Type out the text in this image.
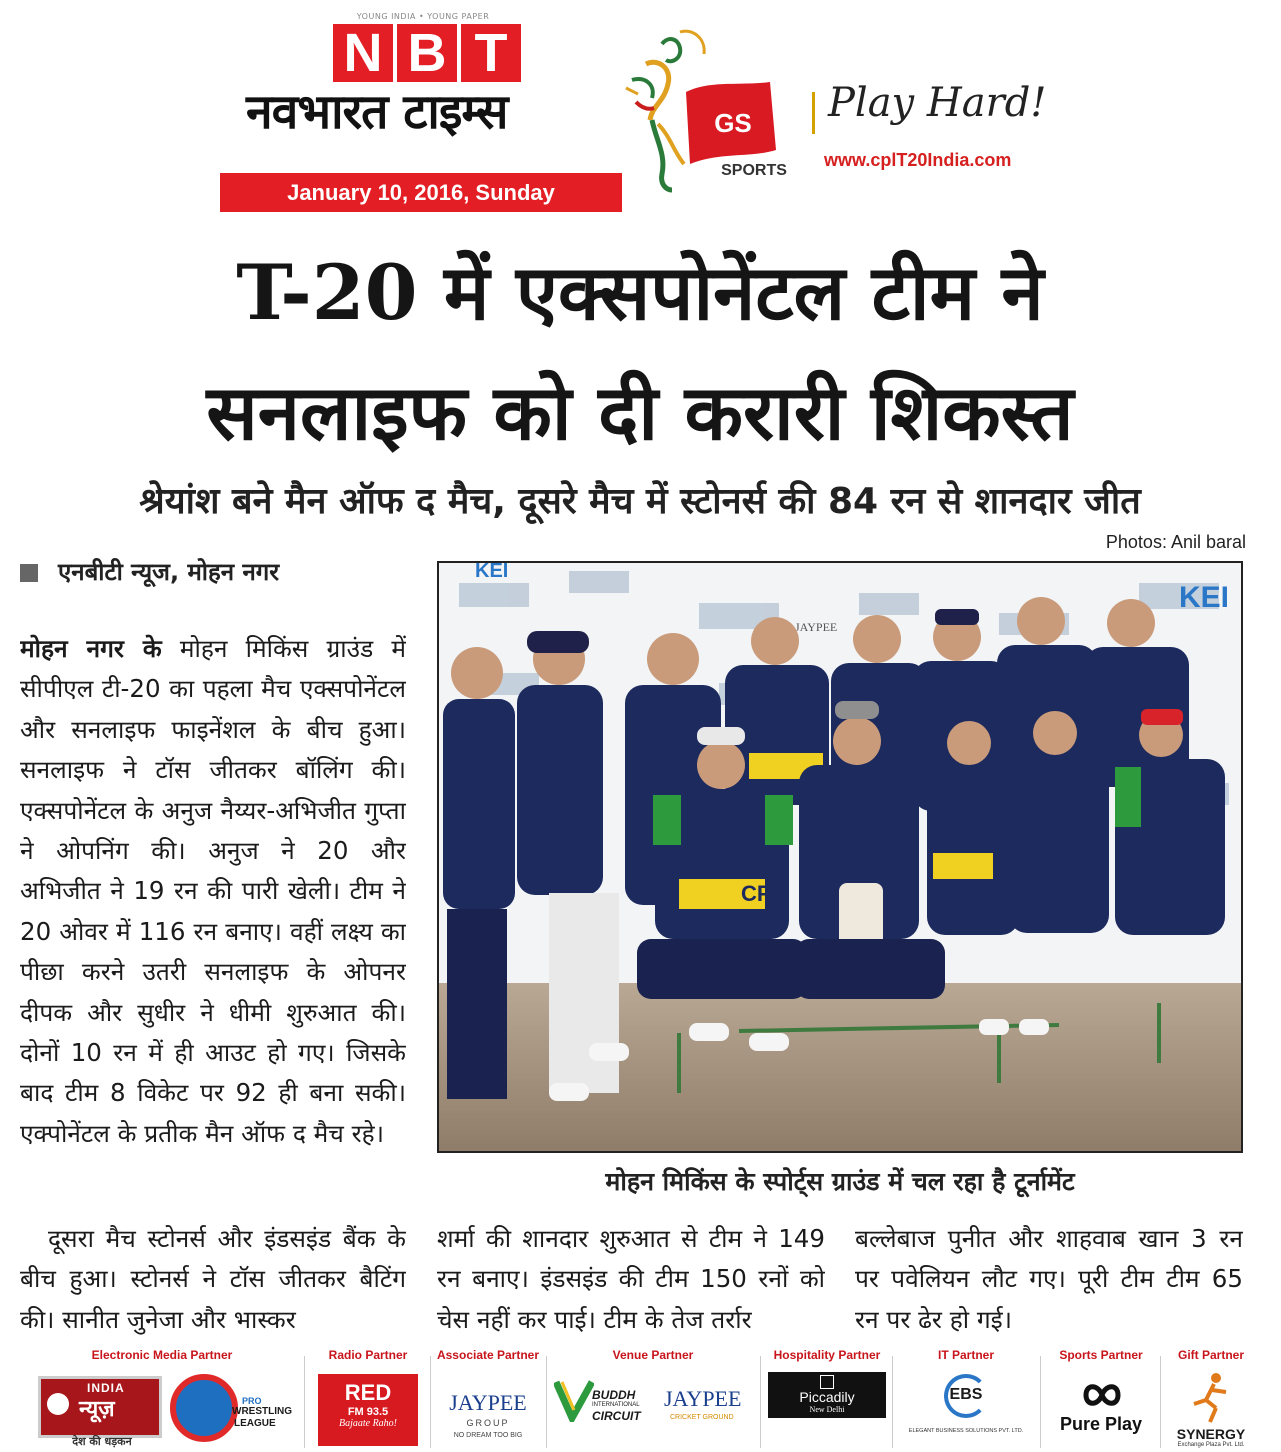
YOUNG INDIA • YOUNG PAPER
N B T
नवभारत टाइम्स
January 10, 2016, Sunday
GS
SPORTS
Play Hard!
www.cplT20India.com
T-20 में एक्सपोनेंटल टीम ने
सनलाइफ को दी करारी शिकस्त
श्रेयांश बने मैन ऑफ द मैच, दूसरे मैच में स्टोनर्स की 84 रन से शानदार जीत
Photos: Anil baral
एनबीटी न्यूज, मोहन नगर
मोहन नगर के मोहन मिकिंस ग्राउंड में सीपीएल टी-20 का पहला मैच एक्सपोनेंटल और सनलाइफ फाइनेंशल के बीच हुआ। सनलाइफ ने टॉस जीतकर बॉलिंग की। एक्सपोनेंटल के अनुज नैय्यर-अभिजीत गुप्ता ने ओपनिंग की। अनुज ने 20 और अभिजीत ने 19 रन की पारी खेली। टीम ने 20 ओवर में 116 रन बनाए। वहीं लक्ष्य का पीछा करने उतरी सनलाइफ के ओपनर दीपक और सुधीर ने धीमी शुरुआत की। दोनों 10 रन में ही आउट हो गए। जिसके बाद टीम 8 विकेट पर 92 ही बना सकी। एक्पोनेंटल के प्रतीक मैन ऑफ द मैच रहे।
दूसरा मैच स्टोनर्स और इंडसइंड बैंक के बीच हुआ। स्टोनर्स ने टॉस जीतकर बैटिंग की। सानीत जुनेजा और भास्कर
शर्मा की शानदार शुरुआत से टीम ने 149 रन बनाए। इंडसइंड की टीम 150 रनों को चेस नहीं कर पाई। टीम के तेज तर्रार
बल्लेबाज पुनीत और शाहवाब खान 3 रन पर पवेलियन लौट गए। पूरी टीम टीम 65 रन पर ढेर हो गई।
KEI
KEI
JAYPEE
CPL
मोहन मिकिंस के स्पोर्ट्स ग्राउंड में चल रहा है टूर्नामेंट
Electronic Media Partner
INDIA
न्यूज़
देश की धड़कन
PRO
WRESTLING
LEAGUE
Radio Partner
RED
FM 93.5
Bajaate Raho!
Associate Partner
JAYPEE
GROUP
NO DREAM TOO BIG
Venue Partner
BUDDH
INTERNATIONAL
CIRCUIT
JAYPEE
CRICKET GROUND
Hospitality Partner
Piccadily
New Delhi
IT Partner
EBS
ELEGANT BUSINESS SOLUTIONS PVT. LTD.
Sports Partner
Pure Play
Gift Partner
SYNERGY
Exchange Plaza Pvt. Ltd.
